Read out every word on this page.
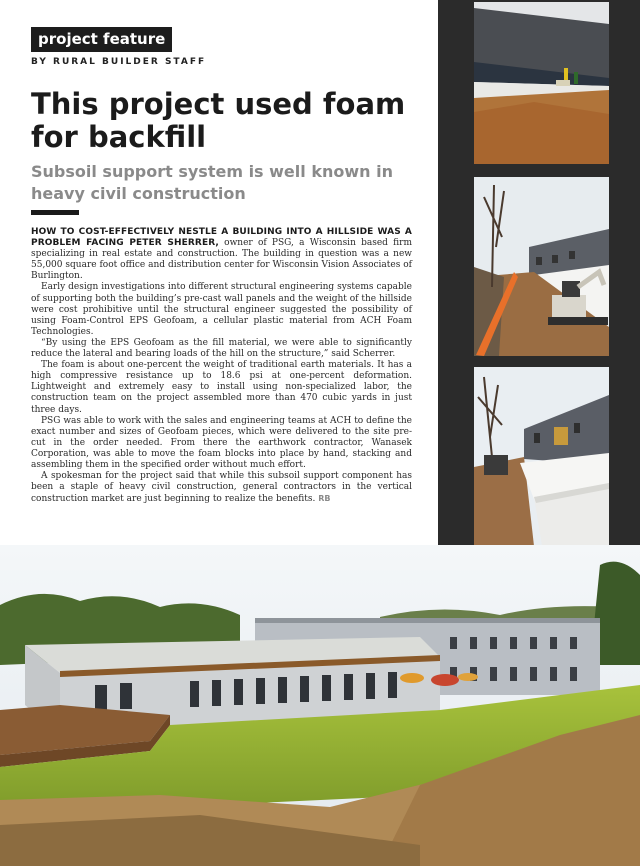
project feature
BY RURAL BUILDER STAFF
This project used foam for backfill
Subsoil support system is well known in heavy civil construction

HOW TO COST-EFFECTIVELY NESTLE A BUILDING INTO A HILLSIDE WAS A PROBLEM FACING PETER SHERRER, owner of PSG, a Wisconsin based firm specializing in real estate and construction. The building in question was a new 55,000 square foot office and distribution center for Wisconsin Vision Associates of Burlington.

Early design investigations into different structural engineering systems capable of supporting both the building’s pre-cast wall panels and the weight of the hillside were cost prohibitive until the structural engineer suggested the possibility of using Foam-Control EPS Geofoam, a cellular plastic material from ACH Foam Technologies.

“By using the EPS Geofoam as the fill material, we were able to significantly reduce the lateral and bearing loads of the hill on the structure,” said Scherrer.

The foam is about one-percent the weight of traditional earth materials. It has a high compressive resistance up to 18.6 psi at one-percent deformation. Lightweight and extremely easy to install using non-specialized labor, the construction team on the project assembled more than 470 cubic yards in just three days.

PSG was able to work with the sales and engineering teams at ACH to define the exact number and sizes of Geofoam pieces, which were delivered to the site pre-cut in the order needed. From there the earthwork contractor, Wanasek Corporation, was able to move the foam blocks into place by hand, stacking and assembling them in the specified order without much effort.

A spokesman for the project said that while this subsoil support component has been a staple of heavy civil construction, general contractors in the vertical construction market are just beginning to realize the benefits. RB
